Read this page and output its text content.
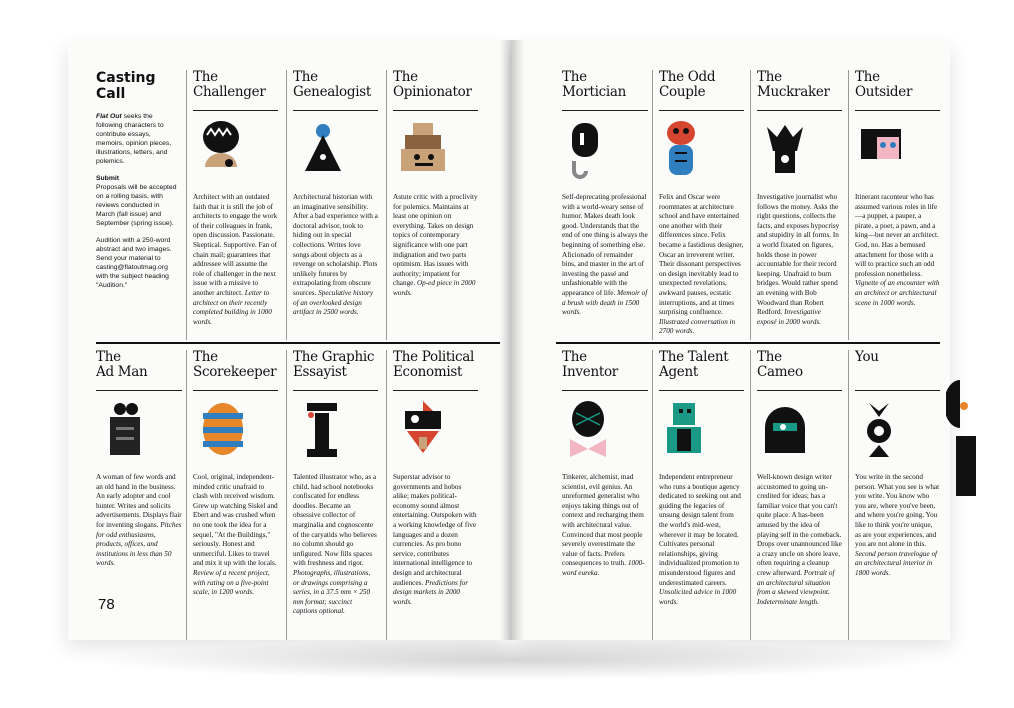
Casting
Call

Flat Out seeks the following characters to contribute essays, memoirs, opinion pieces, illustrations, letters, and polemics.

Submit
Proposals will be accepted on a rolling basis, with reviews conducted in March (fall issue) and September (spring issue).

Audition with a 250-word abstract and two images. Send your material to casting@flatoutmag.org with the subject heading "Audition."

The
Challenger
Architect with an outdated faith that it is still the job of architects to engage the work of their colleagues in frank, open discussion. Passionate. Skeptical. Supportive. Fan of chain mail; guarantees that addressee will assume the role of challenger in the next issue with a missive to another architect. Letter to architect on their recently completed building in 1000 words.
The
Genealogist
Architectural historian with an imaginative sensibility. After a bad experience with a doctoral advisor, took to hiding out in special collections. Writes love songs about objects as a revenge on scholarship. Plots unlikely futures by extrapolating from obscure sources. Speculative history of an overlooked design artifact in 2500 words.
The
Opinionator
Astute critic with a proclivity for polemics. Maintains at least one opinion on everything. Takes on design topics of contemporary significance with one part indignation and two parts optimism. Has issues with authority; impatient for change. Op-ed piece in 2000 words.
The
Ad Man
A woman of few words and an old hand in the business. An early adopter and cool hunter. Writes and solicits advertisements. Displays flair for inventing slogans. Pitches for odd enthusiasms, products, offices, and institutions in less than 50 words.
The
Scorekeeper
Cool, original, independent-minded critic unafraid to clash with received wisdom. Grew up watching Siskel and Ebert and was crushed when no one took the idea for a sequel, "At the Buildings," seriously. Honest and unmerciful. Likes to travel and mix it up with the locals. Review of a recent project, with rating on a five-point scale, in 1200 words.
The Graphic
Essayist
Talented illustrator who, as a child, had school notebooks confiscated for endless doodles. Became an obsessive collector of marginalia and cognoscente of the caryatids who believes no column should go unfigured. Now fills spaces with freshness and rigor. Photographs, illustrations, or drawings comprising a series, in a 37.5 mm × 250 mm format; succinct captions optional.
The Political
Economist
Superstar advisor to governments and hobos alike; makes political-economy sound almost entertaining. Outspoken with a working knowledge of five languages and a dozen currencies. As pro bono service, contributes international intelligence to design and architectural audiences. Predictions for design markets in 2000 words.
78
The
Mortician
Self-deprecating professional with a world-weary sense of humor. Makes death look good. Understands that the end of one thing is always the beginning of something else. Aficionado of remainder bins, and master in the art of investing the passé and unfashionable with the appearance of life. Memoir of a brush with death in 1500 words.
The Odd
Couple
Felix and Oscar were roommates at architecture school and have entertained one another with their differences since. Felix became a fastidious designer, Oscar an irreverent writer. Their dissonant perspectives on design inevitably lead to unexpected revelations, awkward pauses, ecstatic interruptions, and at times surprising confluence. Illustrated conversation in 2700 words.
The
Muckraker
Investigative journalist who follows the money. Asks the right questions, collects the facts, and exposes hypocrisy and stupidity in all forms. In a world fixated on figures, holds those in power accountable for their record keeping. Unafraid to burn bridges. Would rather spend an evening with Bob Woodward than Robert Redford. Investigative exposé in 2000 words.
The
Outsider
Itinerant raconteur who has assumed various roles in life—a puppet, a pauper, a pirate, a poet, a pawn, and a king—but never an architect. God, no. Has a bemused attachment for those with a will to practice such an odd profession nonetheless. Vignette of an encounter with an architect or architectural scene in 1000 words.
The
Inventor
Tinkerer, alchemist, mad scientist, evil genius. An unreformed generalist who enjoys taking things out of context and recharging them with architectural value. Convinced that most people severely overestimate the value of facts. Prefers consequences to truth. 1000-word eureka.
The Talent
Agent
Independent entrepreneur who runs a boutique agency dedicated to seeking out and guiding the legacies of unsung design talent from the world's mid-west, wherever it may be located. Cultivates personal relationships, giving individualized promotion to misunderstood figures and underestimated careers. Unsolicited advice in 1000 words.
The
Cameo
Well-known design writer accustomed to going un-credited for ideas; has a familiar voice that you can't quite place. A has-been amused by the idea of playing self in the comeback. Drops over unannounced like a crazy uncle on shore leave, often requiring a cleanup crew afterward. Portrait of an architectural situation from a skewed viewpoint. Indeterminate length.
You

You write in the second person. What you see is what you write. You know who you are, where you've been, and where you're going. You like to think you're unique, as are your experiences, and you are not alone in this. Second person travelogue of an architectural interior in 1800 words.
